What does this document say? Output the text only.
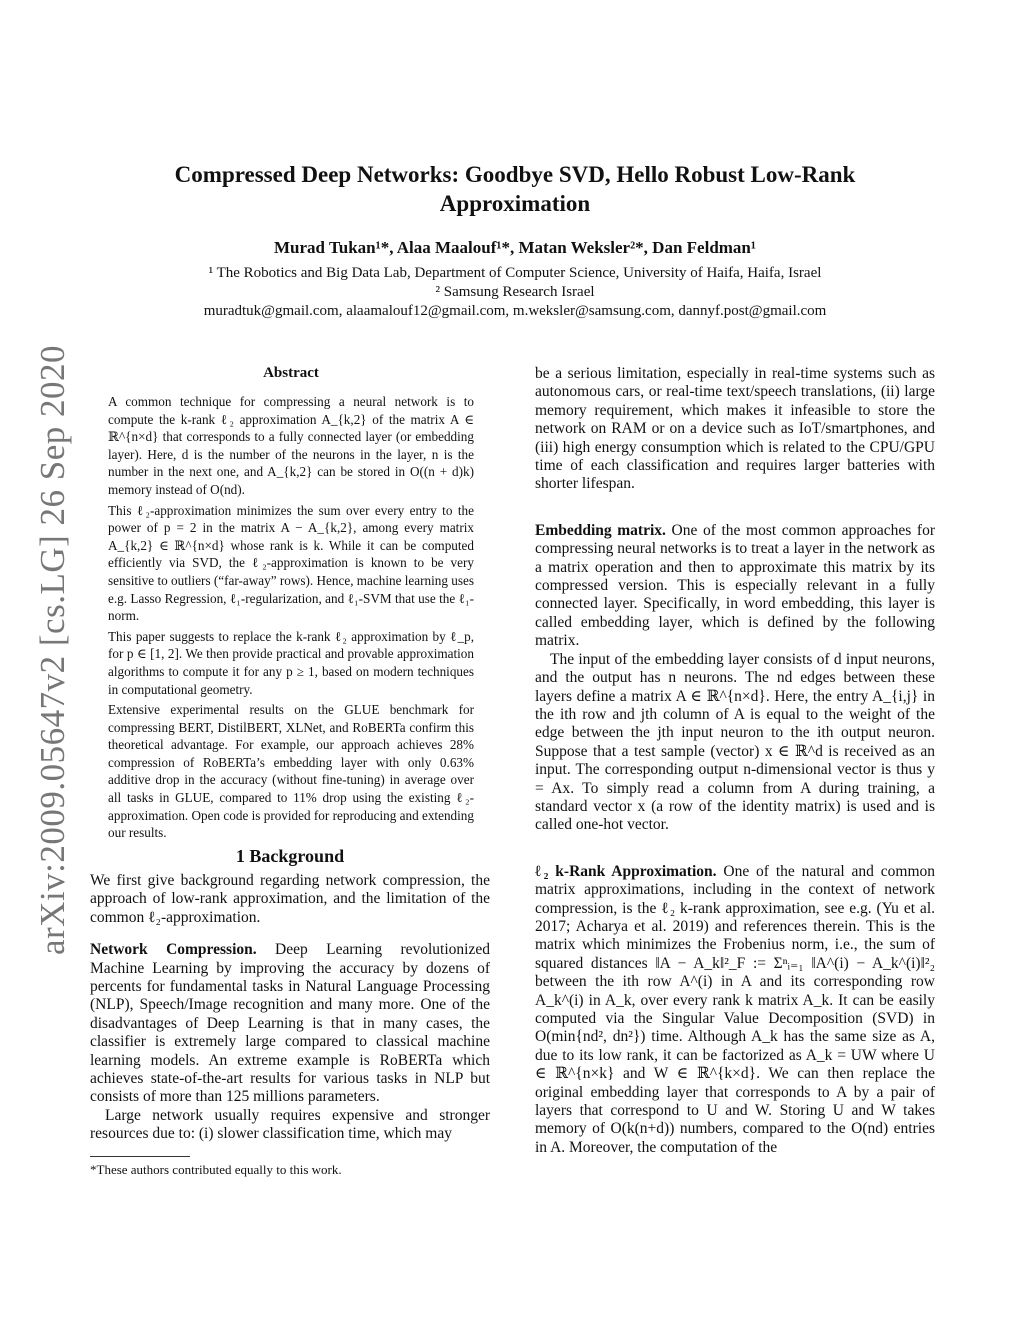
arXiv:2009.05647v2 [cs.LG] 26 Sep 2020
Compressed Deep Networks: Goodbye SVD, Hello Robust Low-Rank Approximation
Murad Tukan¹*, Alaa Maalouf¹*, Matan Weksler²*, Dan Feldman¹
¹ The Robotics and Big Data Lab, Department of Computer Science, University of Haifa, Haifa, Israel
² Samsung Research Israel
muradtuk@gmail.com, alaamalouf12@gmail.com, m.weksler@samsung.com, dannyf.post@gmail.com
Abstract

A common technique for compressing a neural network is to compute the k-rank ℓ₂ approximation A_{k,2} of the matrix A ∈ ℝ^{n×d} that corresponds to a fully connected layer (or embedding layer). Here, d is the number of the neurons in the layer, n is the number in the next one, and A_{k,2} can be stored in O((n + d)k) memory instead of O(nd).

This ℓ₂-approximation minimizes the sum over every entry to the power of p = 2 in the matrix A − A_{k,2}, among every matrix A_{k,2} ∈ ℝ^{n×d} whose rank is k. While it can be computed efficiently via SVD, the ℓ₂-approximation is known to be very sensitive to outliers (“far-away” rows). Hence, machine learning uses e.g. Lasso Regression, ℓ₁-regularization, and ℓ₁-SVM that use the ℓ₁-norm.

This paper suggests to replace the k-rank ℓ₂ approximation by ℓ_p, for p ∈ [1, 2]. We then provide practical and provable approximation algorithms to compute it for any p ≥ 1, based on modern techniques in computational geometry.

Extensive experimental results on the GLUE benchmark for compressing BERT, DistilBERT, XLNet, and RoBERTa confirm this theoretical advantage. For example, our approach achieves 28% compression of RoBERTa’s embedding layer with only 0.63% additive drop in the accuracy (without fine-tuning) in average over all tasks in GLUE, compared to 11% drop using the existing ℓ₂-approximation. Open code is provided for reproducing and extending our results.

1 Background

We first give background regarding network compression, the approach of low-rank approximation, and the limitation of the common ℓ₂-approximation.

Network Compression. Deep Learning revolutionized Machine Learning by improving the accuracy by dozens of percents for fundamental tasks in Natural Language Processing (NLP), Speech/Image recognition and many more. One of the disadvantages of Deep Learning is that in many cases, the classifier is extremely large compared to classical machine learning models. An extreme example is RoBERTa which achieves state-of-the-art results for various tasks in NLP but consists of more than 125 millions parameters.

Large network usually requires expensive and stronger resources due to: (i) slower classification time, which may

*These authors contributed equally to this work.

be a serious limitation, especially in real-time systems such as autonomous cars, or real-time text/speech translations, (ii) large memory requirement, which makes it infeasible to store the network on RAM or on a device such as IoT/smartphones, and (iii) high energy consumption which is related to the CPU/GPU time of each classification and requires larger batteries with shorter lifespan.

Embedding matrix. One of the most common approaches for compressing neural networks is to treat a layer in the network as a matrix operation and then to approximate this matrix by its compressed version. This is especially relevant in a fully connected layer. Specifically, in word embedding, this layer is called embedding layer, which is defined by the following matrix.

The input of the embedding layer consists of d input neurons, and the output has n neurons. The nd edges between these layers define a matrix A ∈ ℝ^{n×d}. Here, the entry A_{i,j} in the ith row and jth column of A is equal to the weight of the edge between the jth input neuron to the ith output neuron. Suppose that a test sample (vector) x ∈ ℝ^d is received as an input. The corresponding output n-dimensional vector is thus y = Ax. To simply read a column from A during training, a standard vector x (a row of the identity matrix) is used and is called one-hot vector.

ℓ₂ k-Rank Approximation. One of the natural and common matrix approximations, including in the context of network compression, is the ℓ₂ k-rank approximation, see e.g. (Yu et al. 2017; Acharya et al. 2019) and references therein. This is the matrix which minimizes the Frobenius norm, i.e., the sum of squared distances ‖A − A_k‖²_F := Σⁿᵢ₌₁ ‖A^(i) − A_k^(i)‖²₂ between the ith row A^(i) in A and its corresponding row A_k^(i) in A_k, over every rank k matrix A_k. It can be easily computed via the Singular Value Decomposition (SVD) in O(min{nd², dn²}) time. Although A_k has the same size as A, due to its low rank, it can be factorized as A_k = UW where U ∈ ℝ^{n×k} and W ∈ ℝ^{k×d}. We can then replace the original embedding layer that corresponds to A by a pair of layers that correspond to U and W. Storing U and W takes memory of O(k(n+d)) numbers, compared to the O(nd) entries in A. Moreover, the computation of the
